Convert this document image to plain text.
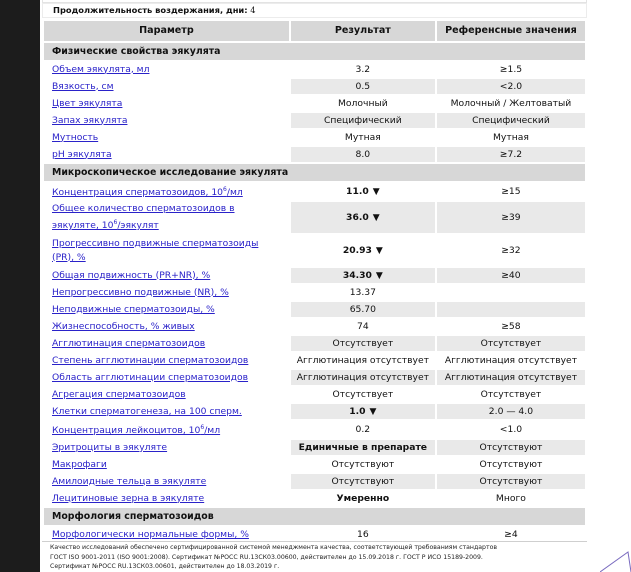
Продолжительность воздержания, дни: 4
Параметр	Результат	Референсные значения
Физические свойства эякулята		
Объем эякулята, мл	3.2	≥1.5
Вязкость, см	0.5	<2.0
Цвет эякулята	Молочный	Молочный / Желтоватый
Запах эякулята	Специфический	Специфический
Мутность	Мутная	Мутная
pH эякулята	8.0	≥7.2
Микроскопическое исследование эякулята		
Концентрация сперматозоидов, $10^6/мл$	11.0 ▼	≥15
Общее количество сперматозоидов в
эякуляте, $10^6$/эякулят	36.0 ▼	≥39
Прогрессивно подвижные сперматозоиды
(PR), %	20.93 ▼	≥32
Общая подвижность (PR+NR), %	34.30 ▼	≥40
Непрогрессивно подвижные (NR), %	13.37	
Неподвижные сперматозоиды, %	65.70	
Жизнеспособность, % живых	74	≥58
Агглютинация сперматозоидов	Отсутствует	Отсутствует
Степень агглютинации сперматозоидов	Агглютинация отсутствует	Агглютинация отсутствует
Область агглютинации сперматозоидов	Агглютинация отсутствует	Агглютинация отсутствует
Агрегация сперматозоидов	Отсутствует	Отсутствует
Клетки сперматогенеза, на 100 сперм.	1.0 ▼	2.0 — 4.0
Концентрация лейкоцитов, $10^6/мл$	0.2	<1.0
Эритроциты в эякуляте	Единичные в препарате	Отсутствуют
Макрофаги	Отсутствуют	Отсутствуют
Амилоидные тельца в эякуляте	Отсутствуют	Отсутствуют
Лецитиновые зерна в эякуляте	Умеренно	Много
Морфология сперматозоидов		
Морфологически нормальные формы, %	16	≥4
Качество исследований обеспечено сертифицированной системой менеджмента качества, соответствующей требованиям стандартов
ГОСТ ISO 9001-2011 (ISO 9001:2008). Сертификат №РОСС RU.13СК03.00600, действителен до 15.09.2018 г. ГОСТ Р ИСО 15189-2009.
Сертификат №РОСС RU.13СК03.00601, действителен до 18.03.2019 г.
